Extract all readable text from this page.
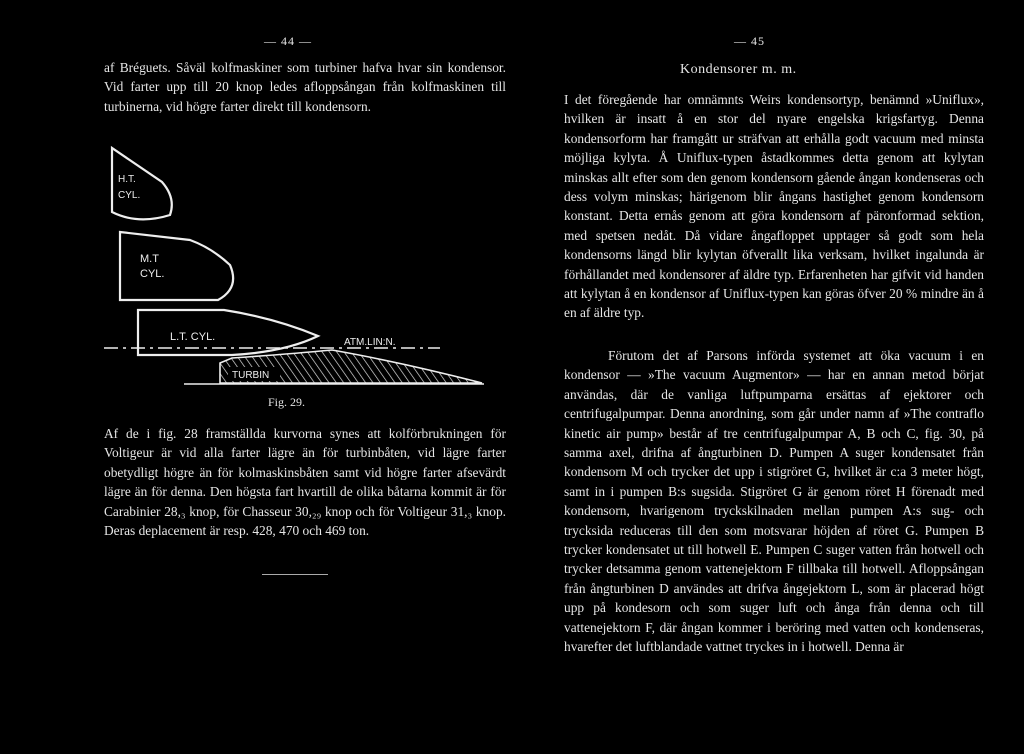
— 44 —

af Bréguets. Såväl kolfmaskiner som turbiner hafva hvar sin kondensor. Vid farter upp till 20 knop ledes afloppsångan från kolfmaskinen till turbinerna, vid högre farter direkt till kondensorn.

H.T.
CYL.
M.T
CYL.
L.T. CYL.	ATM.LIN:N.
TURBIN
Fig. 29.

Af de i fig. 28 framställda kurvorna synes att kolförbrukningen för Voltigeur är vid alla farter lägre än för turbinbåten, vid lägre farter obetydligt högre än för kolmaskinsbåten samt vid högre farter afsevärdt lägre än för denna. Den högsta fart hvartill de olika båtarna kommit är för Carabinier 28,₃ knop, för Chasseur 30,₂₉ knop och för Voltigeur 31,₃ knop. Deras deplacement är resp. 428, 470 och 469 ton.

— 45
Kondensorer m. m.

I det föregående har omnämnts Weirs kondensortyp, benämnd »Uniflux», hvilken är insatt å en stor del nyare engelska krigsfartyg. Denna kondensorform har framgått ur sträfvan att erhålla godt vacuum med minsta möjliga kylyta. Å Uniflux-typen åstadkommes detta genom att kylytan minskas allt efter som den genom kondensorn gående ångan kondenseras och dess volym minskas; härigenom blir ångans hastighet genom kondensorn konstant. Detta ernås genom att göra kondensorn af päronformad sektion, med spetsen nedåt. Då vidare ångafloppet upptager så godt som hela kondensorns längd blir kylytan öfverallt lika verksam, hvilket ingalunda är förhållandet med kondensorer af äldre typ. Erfarenheten har gifvit vid handen att kylytan å en kondensor af Uniflux-typen kan göras öfver 20 % mindre än å en af äldre typ.

Förutom det af Parsons införda systemet att öka vacuum i en kondensor — »The vacuum Augmentor» — har en annan metod börjat användas, där de vanliga luftpumparna ersättas af ejektorer och centrifugalpumpar. Denna anordning, som går under namn af »The contraflo kinetic air pump» består af tre centrifugalpumpar A, B och C, fig. 30, på samma axel, drifna af ångturbinen D. Pumpen A suger kondensatet från kondensorn M och trycker det upp i stigröret G, hvilket är c:a 3 meter högt, samt in i pumpen B:s sugsida. Stigröret G är genom röret H förenadt med kondensorn, hvarigenom tryckskilnaden mellan pumpen A:s sug- och trycksida reduceras till den som motsvarar höjden af röret G. Pumpen B trycker kondensatet ut till hotwell E. Pumpen C suger vatten från hotwell och trycker detsamma genom vattenejektorn F tillbaka till hotwell. Afloppsångan från ångturbinen D användes att drifva ångejektorn L, som är placerad högt upp på kondesorn och som suger luft och ånga från denna och till vattenejektorn F, där ångan kommer i beröring med vatten och kondenseras, hvarefter det luftblandade vattnet tryckes in i hotwell. Denna är
